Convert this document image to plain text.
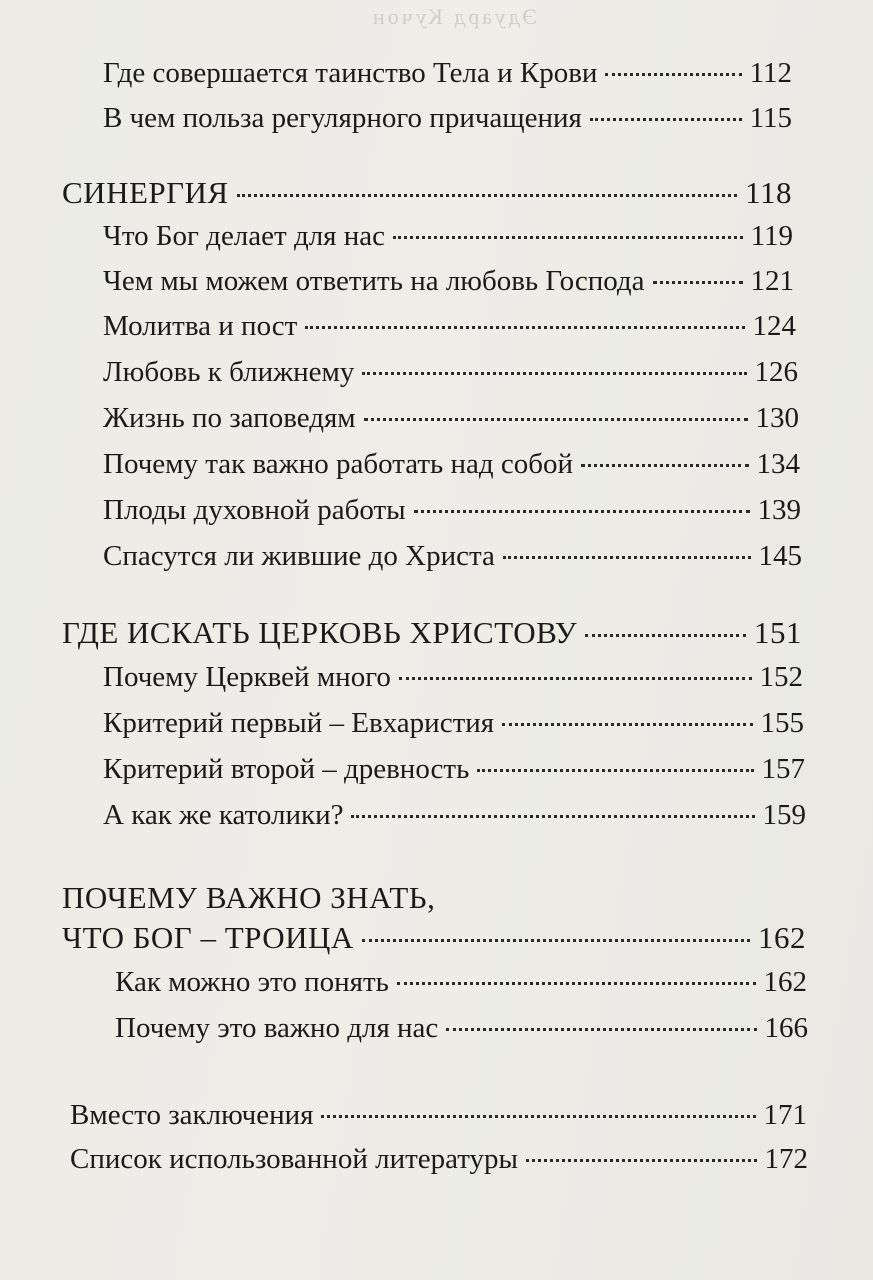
Где совершается таинство Тела и Крови	112
В чем польза регулярного причащения	115
СИНЕРГИЯ	118
Что Бог делает для нас	119
Чем мы можем ответить на любовь Господа	121
Молитва и пост	124
Любовь к ближнему	126
Жизнь по заповедям	130
Почему так важно работать над собой	134
Плоды духовной работы	139
Спасутся ли жившие до Христа	145
ГДЕ ИСКАТЬ ЦЕРКОВЬ ХРИСТОВУ	151
Почему Церквей много	152
Критерий первый – Евхаристия	155
Критерий второй – древность	157
А как же католики?	159
ПОЧЕМУ ВАЖНО ЗНАТЬ,
ЧТО БОГ – ТРОИЦА	162
Как можно это понять	162
Почему это важно для нас	166
Вместо заключения	171
Список использованной литературы	172
Эдуард Кучон
